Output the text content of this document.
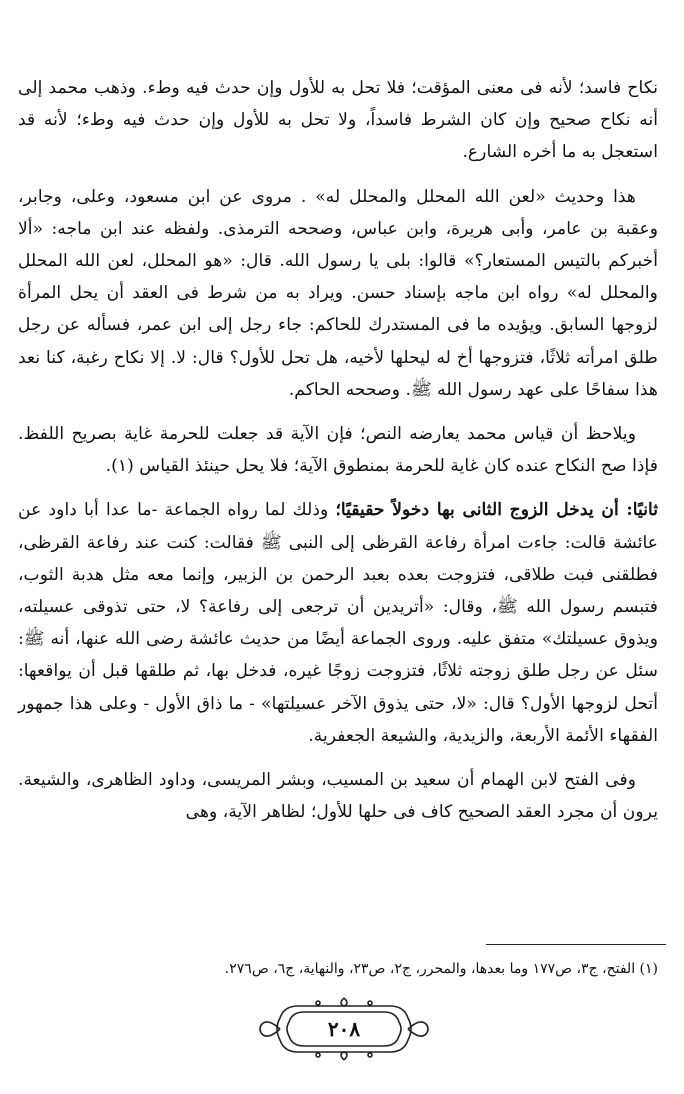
نكاح فاسد؛ لأنه فى معنى المؤقت؛ فلا تحل به للأول وإن حدث فيه وطء. وذهب محمد إلى أنه نكاح صحيح وإن كان الشرط فاسداً، ولا تحل به للأول وإن حدث فيه وطء؛ لأنه قد استعجل به ما أخره الشارع.

هذا وحديث «لعن الله المحلل والمحلل له» . مروى عن ابن مسعود، وعلى، وجابر، وعقبة بن عامر، وأبى هريرة، وابن عباس، وصححه الترمذى. ولفظه عند ابن ماجه: «ألا أخبركم بالتيس المستعار؟» قالوا: بلى يا رسول الله. قال: «هو المحلل، لعن الله المحلل والمحلل له» رواه ابن ماجه بإسناد حسن. ويراد به من شرط فى العقد أن يحل المرأة لزوجها السابق. ويؤيده ما فى المستدرك للحاكم: جاء رجل إلى ابن عمر، فسأله عن رجل طلق امرأته ثلاثًا، فتزوجها أخ له ليحلها لأخيه، هل تحل للأول؟ قال: لا. إلا نكاح رغبة، كنا نعد هذا سفاحًا على عهد رسول الله ﷺ. وصححه الحاكم.

ويلاحظ أن قياس محمد يعارضه النص؛ فإن الآية قد جعلت للحرمة غاية بصريح اللفظ. فإذا صح النكاح عنده كان غاية للحرمة بمنطوق الآية؛ فلا يحل حينئذ القياس (١).

ثانيًا: أن يدخل الزوج الثانى بها دخولاً حقيقيًا؛ وذلك لما رواه الجماعة -ما عدا أبا داود عن عائشة قالت: جاءت امرأة رفاعة القرظى إلى النبى ﷺ فقالت: كنت عند رفاعة القرظى، فطلقنى فبت طلاقى، فتزوجت بعده بعبد الرحمن بن الزبير، وإنما معه مثل هدبة الثوب، فتبسم رسول الله ﷺ، وقال: «أتريدين أن ترجعى إلى رفاعة؟ لا، حتى تذوقى عسيلته، ويذوق عسيلتك» متفق عليه. وروى الجماعة أيضًا من حديث عائشة رضى الله عنها، أنه ﷺ: سئل عن رجل طلق زوجته ثلاثًا، فتزوجت زوجًا غيره، فدخل بها، ثم طلقها قبل أن يواقعها: أتحل لزوجها الأول؟ قال: «لا، حتى يذوق الآخر عسيلتها» - ما ذاق الأول - وعلى هذا جمهور الفقهاء الأئمة الأربعة، والزيدية، والشيعة الجعفرية.

وفى الفتح لابن الهمام أن سعيد بن المسيب، وبشر المريسى، وداود الظاهرى، والشيعة. يرون أن مجرد العقد الصحيح كاف فى حلها للأول؛ لظاهر الآية، وهى

(١) الفتح، ج٣، ص١٧٧ وما بعدها، والمحرر، ج٢، ص٢٣، والنهاية، ج٦، ص٢٧٦.
٢٠٨
